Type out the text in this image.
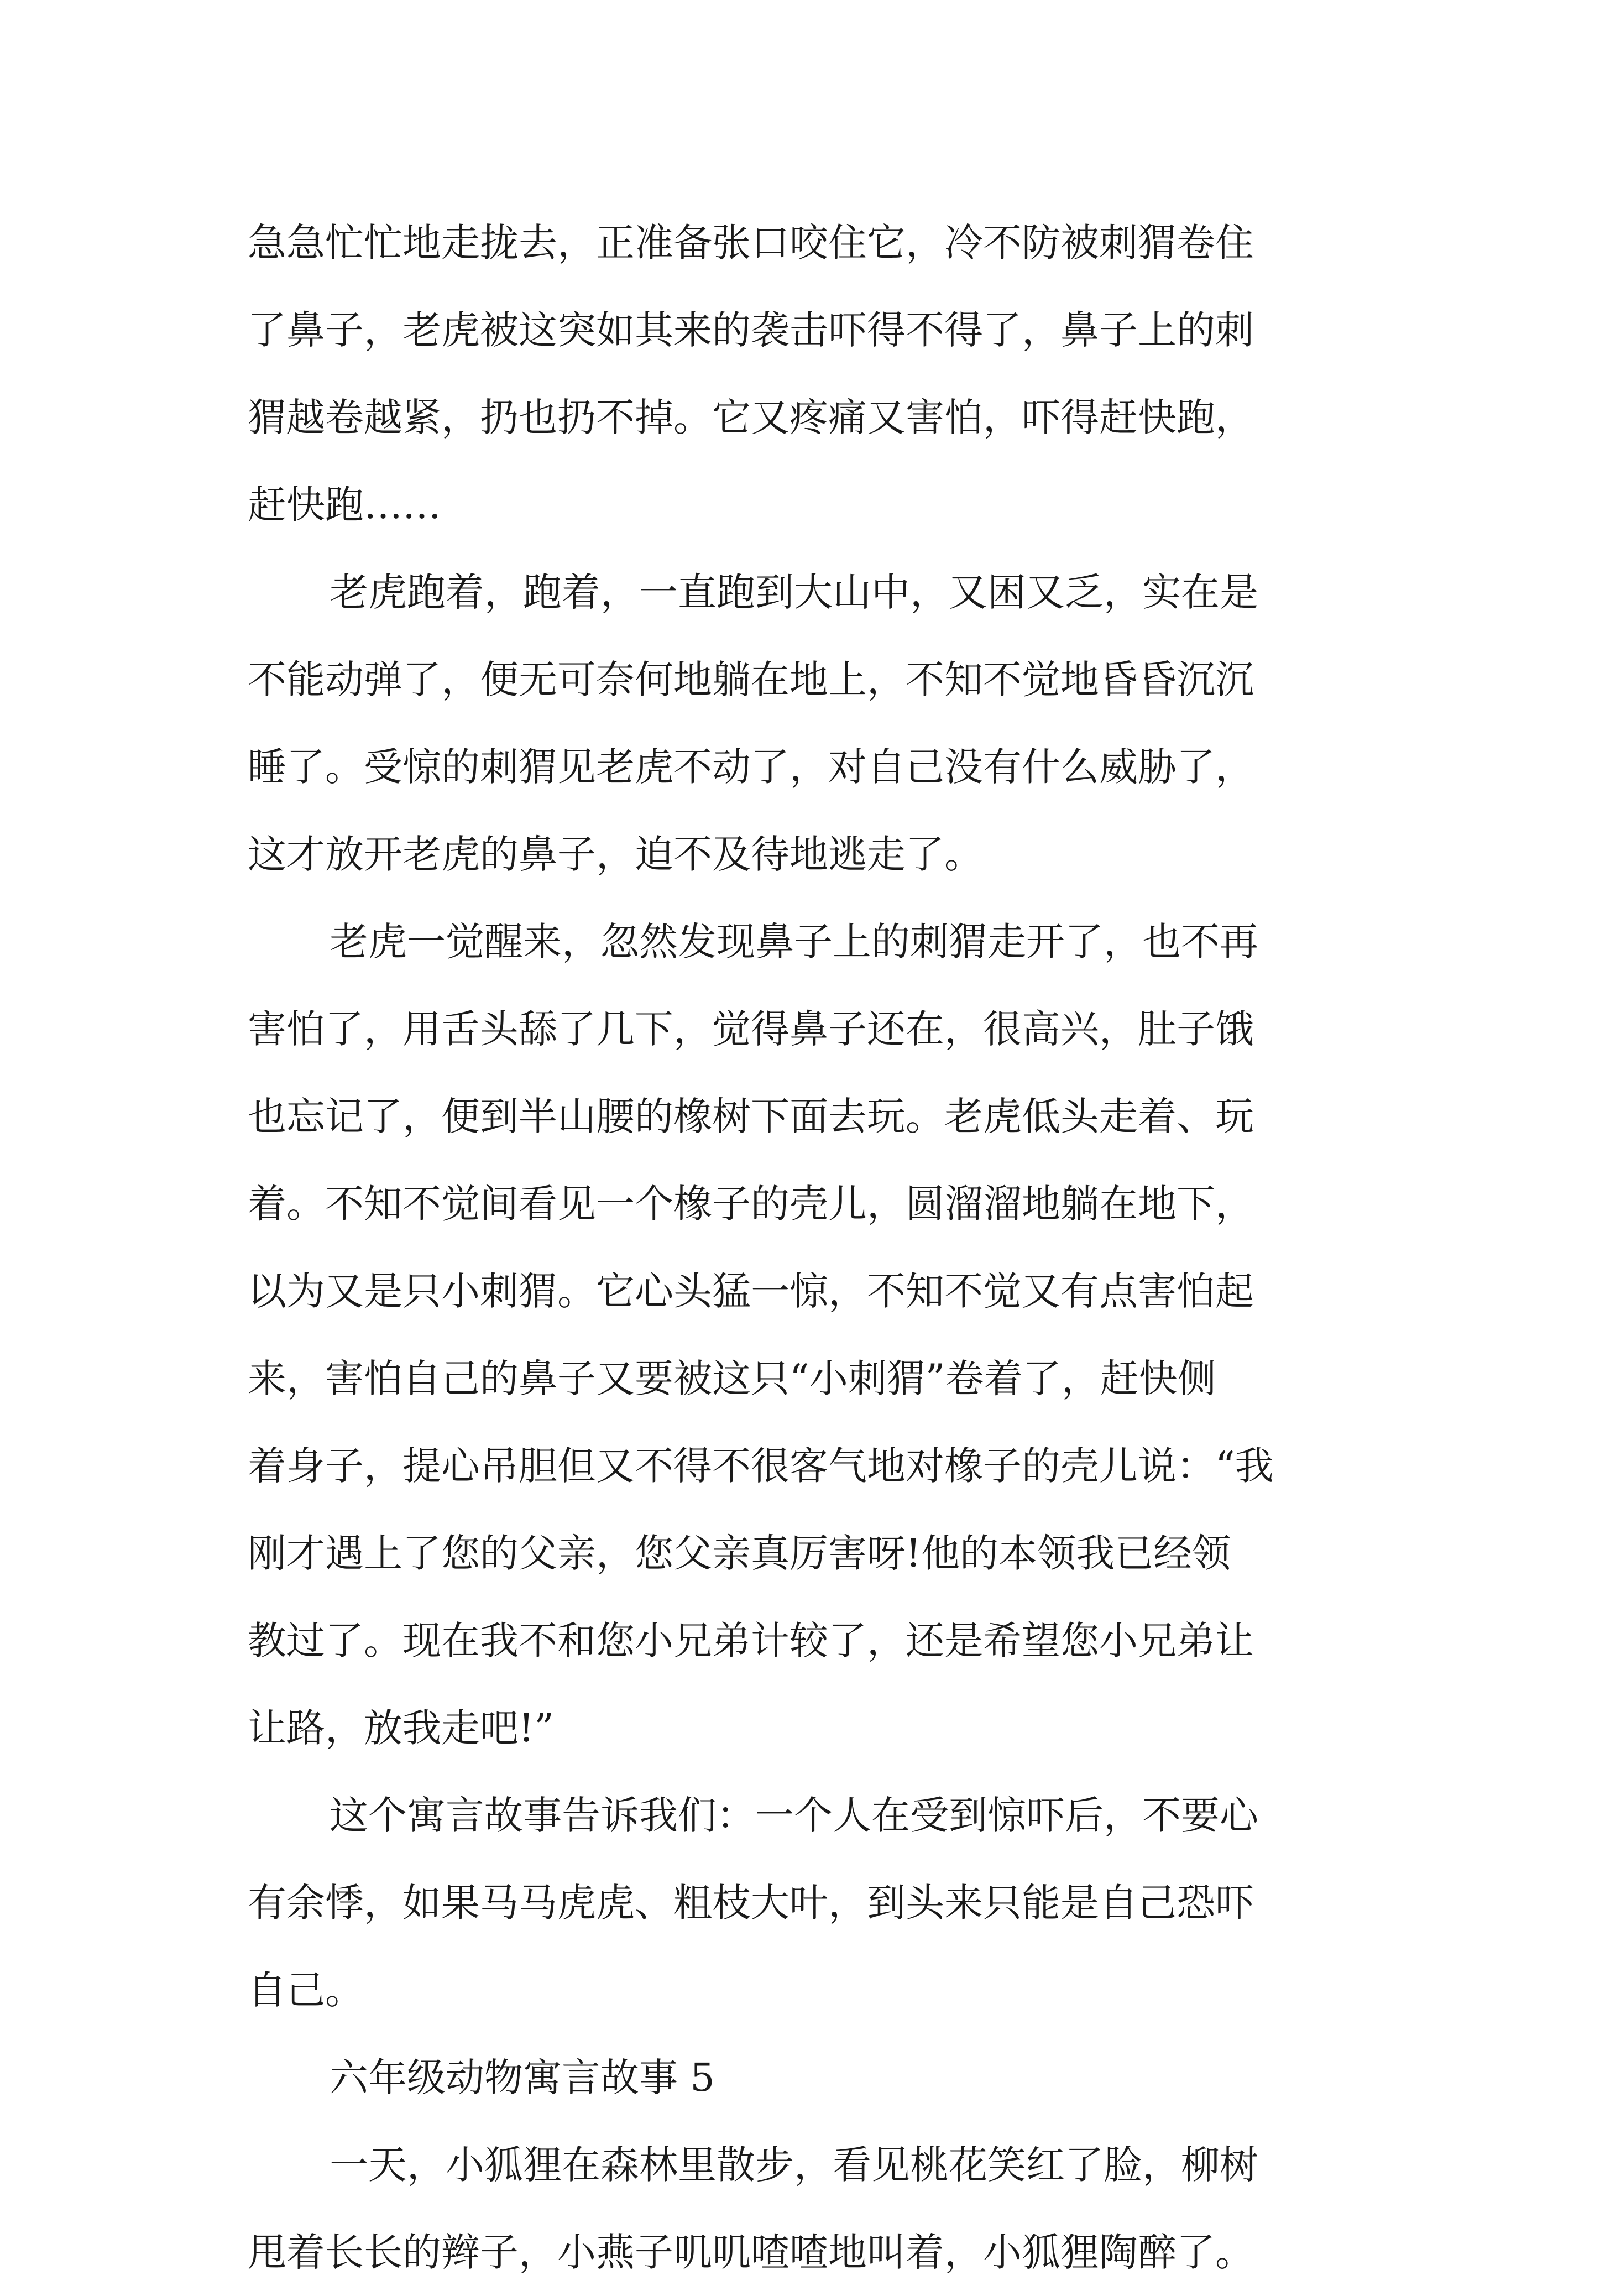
急急忙忙地走拢去，正准备张口咬住它，冷不防被刺猬卷住
了鼻子，老虎被这突如其来的袭击吓得不得了，鼻子上的刺
猬越卷越紧，扔也扔不掉。它又疼痛又害怕，吓得赶快跑，
赶快跑……

老虎跑着，跑着，一直跑到大山中，又困又乏，实在是
不能动弹了，便无可奈何地躺在地上，不知不觉地昏昏沉沉
睡了。受惊的刺猬见老虎不动了，对自己没有什么威胁了，
这才放开老虎的鼻子，迫不及待地逃走了。

老虎一觉醒来，忽然发现鼻子上的刺猬走开了，也不再
害怕了，用舌头舔了几下，觉得鼻子还在，很高兴，肚子饿
也忘记了，便到半山腰的橡树下面去玩。老虎低头走着、玩
着。不知不觉间看见一个橡子的壳儿，圆溜溜地躺在地下，
以为又是只小刺猬。它心头猛一惊，不知不觉又有点害怕起
来，害怕自己的鼻子又要被这只“小刺猬”卷着了，赶快侧
着身子，提心吊胆但又不得不很客气地对橡子的壳儿说：“我
刚才遇上了您的父亲，您父亲真厉害呀!他的本领我已经领
教过了。现在我不和您小兄弟计较了，还是希望您小兄弟让
让路，放我走吧!”

这个寓言故事告诉我们：一个人在受到惊吓后，不要心
有余悸，如果马马虎虎、粗枝大叶，到头来只能是自己恐吓
自己。

六年级动物寓言故事 5

一天，小狐狸在森林里散步，看见桃花笑红了脸，柳树
甩着长长的辫子，小燕子叽叽喳喳地叫着，小狐狸陶醉了。
